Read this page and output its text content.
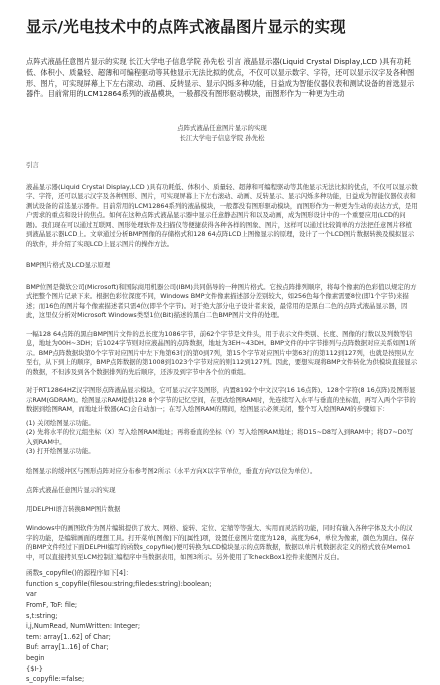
显示/光电技术中的点阵式液晶图片显示的实现

点阵式液晶任意图片显示的实现 长江大学电子信息学院 孙先松 引言 液晶显示器(Liquid Crystal Display,LCD )具有功耗低、体积小、质量轻、超薄和可编程驱动等其他显示无法比拟的优点，不仅可以显示数字、字符，还可以显示汉字及各种图形、图片，可实现屏幕上下左右滚动、动画、反转显示、显示闪烁多种功能，日益成为智能仪器仪表和测试设备的首选显示器件。目前常用的LCM12864系列的液晶模块，一般都没有图形驱动模块，而图形作为一种更为生动

点阵式液晶任意图片显示的实现
长江大学电子信息学院 孙先松

引言

液晶显示器(Liquid Crystal Display,LCD )具有功耗低、体积小、质量轻、超薄和可编程驱动等其他显示无法比拟的优点，不仅可以显示数字、字符，还可以显示汉字及各种图形、图片，可实现屏幕上下左右滚动、动画、反转显示、显示闪烁多种功能，日益成为智能仪器仪表和测试设备的首选显示器件。目前常用的LCM12864系列的液晶模块，一般都没有图形驱动模块，而图形作为一种更为生动的表达方式，是用户需求的重点和设计的焦点。如何在这种点阵式液晶显示器中显示任意静态图片和以及动画，成为图形设计中的一个重要应用(LCD的问题)。我们现在可以通过互联网、图形处理软件及扫描仪等便捷获得各种各样的图象、图片，这样可以通过比较简单的方法把任意图片移植到液晶显示器LCD上。文章通过分析BMP图像的存储格式和128 64点阵LCD上图像显示的原理，设计了一个LCD图片数据转换及模拟显示的软件，并介绍了实现LCD上显示图片的操作方法。

BMP图片格式及LCD显示原理

BMP位图是微软公司(Microsoft)和国际商用机器公司(IBM)共同倡导的一种图片格式。它按点阵排列顺序，将每个像素的色彩值以规定的方式把整个图片记录下来。根据色彩位深度不同，Windows BMP文件像素描述部分差别较大，如256色每个像素需要8位(即1个字节)来描述；而16色的图片每个像素描述者只需4位(即半个字节)。对于绝大部分电子设计者来说，最常用的是黑白二色的点阵式液晶显示器，因此，这里仅分析对Microsoft Windows类型1位(Bit)描述的黑白二色BMP图片文件的处理。

一幅128 64点阵的黑白BMP图片文件的总长度为1086字节，前62个字节是文件头，用于表示文件类别、长度、图像的行数以及列数等信息，地址为00H~3DH；后1024字节则对应液晶图的点阵数据，地址为3EH~43DH。BMP文件的中字节排列与点阵数据对应关系如图1所示。BMP点阵数据块第0个字节对应图片中左下角第63行的第0到7列，第15个字节对应图片中第63行的第112到127列，也就是按照从左至右，从下到上的顺序，BMP点阵数据的第1008到1023个字节对应的则112到127列。因此，要想实现将BMP文件转化为供模块直接显示的数据，不但涉及到各个数据排列的先后顺序，还涉及到字节中各个位的重组。

对于RT12864HZ汉字图形点阵液晶显示模块，它可显示汉字及图形，内置8192个中文汉字(16 16点阵)、128个字符(8 16点阵)及图形显示RAM(GDRAM)。绘图显示RAM提供128 8个字节的记忆空间，在更改绘图RAM时，先连续写入水平与垂直的坐标值，再写入两个字节的数据到绘图RAM，而地址计数器(AC)会自动加一；在写入绘图RAM的期间，绘图显示必须关闭，整个写入绘图RAM的步骤如下：

(1) 关闭绘图显示功能。

(2) 先将水平的位元组坐标（X）写入绘图RAM地址；再将垂直的坐标（Y）写入绘图RAM地址；将D15~D8写入到RAM中；将D7~D0写入到RAM中。

(3) 打开绘图显示功能。

绘图显示的缓冲区与图形点阵对应分布参考图2所示（水平方向X以字节单位，垂直方向Y以位为单位）。

点阵式液晶任意图片显示的实现

用DELPHI语言转换BMP图片数据

Windows中的画图软件为图片编辑提供了放大、网格、旋转、定位、定缩等等强大、实用而灵活的功能，同时有输入各种字体及大小的汉字的功能，是编辑画面的理想工具。打开菜单[图像]下的[属性]项，设置任意图片宽度为128，高度为64，单位为像素，颜色为黑白。保存的BMP文件经过下面DELPHI编写的函数s_copyfile()便可转换为LCD模块显示的点阵数据，数据以单片机数据表定义的格式放在Memo1中，可以直接拷贝至LCM控制汇编程序中当数据表用，如图3所示。另外使用了TcheckBox1控件来使图片反白。

函数s_copyfile()的源程序如下[4]：

function s_copyfile(filesou:string;filedes:string):boolean;

var

FromF, ToF: file;

s,t:string;

i,j,NumRead, NumWritten: Integer;

tem: array[1..62] of Char;

Buf: array[1..16] of Char;

begin

{$I-}

s_copyfile:=false;
